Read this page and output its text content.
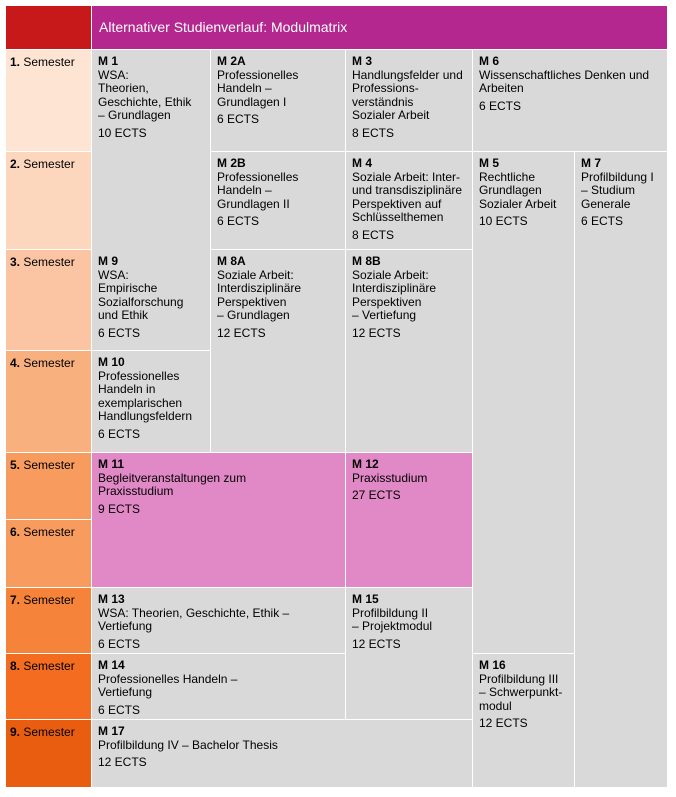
Alternativer Studienverlauf: Modulmatrix
1. Semester
2. Semester
3. Semester
4. Semester
5. Semester
6. Semester
7. Semester
8. Semester
9. Semester
M 1
WSA:
Theorien,
Geschichte, Ethik
– Grundlagen
10 ECTS
M 2A
Professionelles
Handeln –
Grundlagen I
6 ECTS
M 3
Handlungsfelder und
Professions-
verständnis
Sozialer Arbeit
8 ECTS
M 6
Wissenschaftliches Denken und
Arbeiten
6 ECTS
M 2B
Professionelles
Handeln –
Grundlagen II
6 ECTS
M 4
Soziale Arbeit: Inter-
und transdisziplinäre
Perspektiven auf
Schlüsselthemen
8 ECTS
M 5
Rechtliche
Grundlagen
Sozialer Arbeit
10 ECTS
M 7
Profilbildung I
– Studium
Generale
6 ECTS
M 9
WSA:
Empirische
Sozialforschung
und Ethik
6 ECTS
M 8A
Soziale Arbeit:
Interdisziplinäre
Perspektiven
– Grundlagen
12 ECTS
M 8B
Soziale Arbeit:
Interdisziplinäre
Perspektiven
– Vertiefung
12 ECTS
M 10
Professionelles
Handeln in
exemplarischen
Handlungsfeldern
6 ECTS
M 11
Begleitveranstaltungen zum
Praxisstudium
9 ECTS
M 12
Praxisstudium
27 ECTS
M 13
WSA: Theorien, Geschichte, Ethik –
Vertiefung
6 ECTS
M 15
Profilbildung II
– Projektmodul
12 ECTS
M 14
Professionelles Handeln –
Vertiefung
6 ECTS
M 16
Profilbildung III
– Schwerpunkt-
modul
12 ECTS
M 17
Profilbildung IV – Bachelor Thesis
12 ECTS
